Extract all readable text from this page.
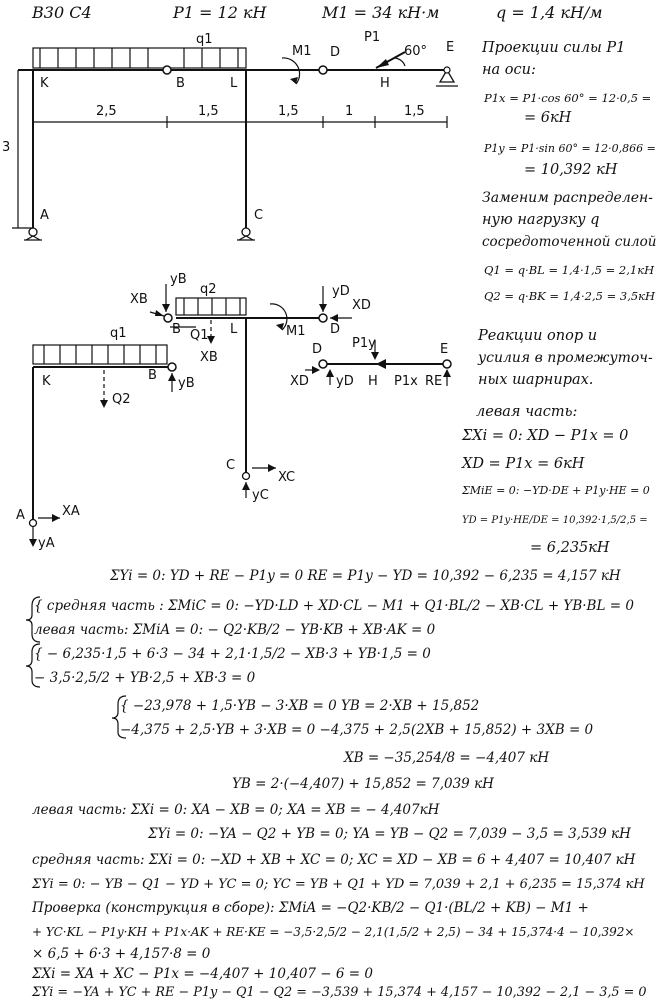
В30 С4	P1 = 12 кН	M1 = 34 кН·м	q = 1,4 кН/м
K	B	L
D
H
E
A	C
q1
M1
P1
60°
2,5	1,5	1,5	1	1,5
3
XB
yB
q2	yD
XD
B	L	D
Q1
XB
M1
C
XC
yC
q1
K	B
yB
Q2
A	XA
yA
D	E
P1y
XD yD H P1x RE
Проекции силы P1
на оси:
P1x = P1·cos 60° = 12·0,5 =
= 6кН
P1y = P1·sin 60° = 12·0,866 =
= 10,392 кН
Заменим распределен-
ную нагрузку q
сосредоточенной силой
Q1 = q·BL = 1,4·1,5 = 2,1кН
Q2 = q·BK = 1,4·2,5 = 3,5кН
Реакции опор и
усилия в промежуточ-
ных шарнирах.
левая часть:
ΣXi = 0: XD − P1x = 0
XD = P1x = 6кН
ΣMiE = 0: −YD·DE + P1y·HE = 0
YD = P1y·HE/DE = 10,392·1,5/2,5 =
= 6,235кН
ΣYi = 0: YD + RE − P1y = 0 RE = P1y − YD = 10,392 − 6,235 = 4,157 кН
{ средняя часть : ΣMiC = 0: −YD·LD + XD·CL − M1 + Q1·BL/2 − XB·CL + YB·BL = 0
левая часть: ΣMiA = 0: − Q2·KB/2 − YB·KB + XB·AK = 0
{ − 6,235·1,5 + 6·3 − 34 + 2,1·1,5/2 − XB·3 + YB·1,5 = 0
− 3,5·2,5/2 + YB·2,5 + XB·3 = 0
{ −23,978 + 1,5·YB − 3·XB = 0 YB = 2·XB + 15,852
−4,375 + 2,5·YB + 3·XB = 0 −4,375 + 2,5(2XB + 15,852) + 3XB = 0
XB = −35,254/8 = −4,407 кН
YB = 2·(−4,407) + 15,852 = 7,039 кН
левая часть: ΣXi = 0: XA − XB = 0; XA = XB = − 4,407кН
ΣYi = 0: −YA − Q2 + YB = 0; YA = YB − Q2 = 7,039 − 3,5 = 3,539 кН
средняя часть: ΣXi = 0: −XD + XB + XC = 0; XC = XD − XB = 6 + 4,407 = 10,407 кН
ΣYi = 0: − YB − Q1 − YD + YC = 0; YC = YB + Q1 + YD = 7,039 + 2,1 + 6,235 = 15,374 кН
Проверка (конструкция в сборе): ΣMiA = −Q2·KB/2 − Q1·(BL/2 + KB) − M1 +
+ YC·KL − P1y·KH + P1x·AK + RE·KE = −3,5·2,5/2 − 2,1(1,5/2 + 2,5) − 34 + 15,374·4 − 10,392×
× 6,5 + 6·3 + 4,157·8 = 0
ΣXi = XA + XC − P1x = −4,407 + 10,407 − 6 = 0
ΣYi = −YA + YC + RE − P1y − Q1 − Q2 = −3,539 + 15,374 + 4,157 − 10,392 − 2,1 − 3,5 = 0
